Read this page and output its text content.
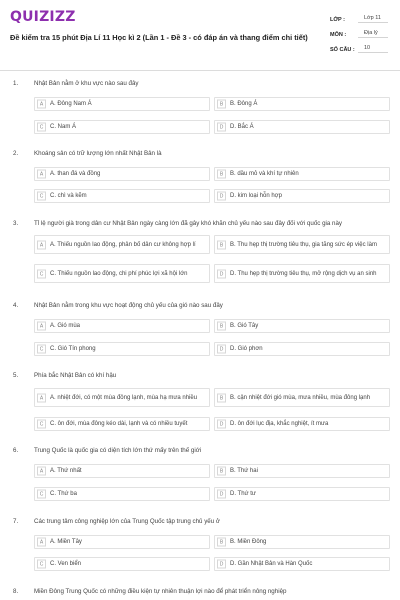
QUIZIZZ
Đề kiểm tra 15 phút Địa Lí 11 Học kì 2 (Lần 1 - Đề 3 - có đáp án và thang điểm chi tiết)
LỚP :	Lớp 11
MÔN :	Địa lý
SỐ CÂU :	10
1.	Nhật Bản nằm ở khu vực nào sau đây
A	A. Đông Nam Á	B	B. Đông Á
C	C. Nam Á	D	D. Bắc Á
2.	Khoáng sản có trữ lượng lớn nhất Nhật Bản là
A	A. than đá và đồng	B	B. dầu mỏ và khí tự nhiên
C	C. chì và kẽm	D	D. kim loại hỗn hợp
3.	Tỉ lệ người già trong dân cư Nhật Bản ngày càng lớn đã gây khó khăn chủ yếu nào sau đây đối với quốc gia này
A	A. Thiếu nguồn lao động, phân bố dân cư không hợp lí	B	B. Thu hẹp thị trường tiêu thụ, gia tăng sức ép việc làm
C	C. Thiếu nguồn lao động, chi phí phúc lợi xã hội lớn	D	D. Thu hẹp thị trường tiêu thụ, mở rộng dịch vụ an sinh
4.	Nhật Bản nằm trong khu vực hoạt động chủ yếu của gió nào sau đây
A	A. Gió mùa	B	B. Gió Tây
C	C. Gió Tín phong	D	D. Gió phơn
5.	Phía bắc Nhật Bản có khí hậu
A	A. nhiệt đới, có một mùa đông lạnh, mùa hạ mưa nhiều	B	B. cận nhiệt đới gió mùa, mưa nhiều, mùa đông lạnh
C	C. ôn đới, mùa đông kéo dài, lạnh và có nhiều tuyết	D	D. ôn đới lục địa, khắc nghiệt, ít mưa
6.	Trung Quốc là quốc gia có diện tích lớn thứ mấy trên thế giới
A	A. Thứ nhất	B	B. Thứ hai
C	C. Thứ ba	D	D. Thứ tư
7.	Các trung tâm công nghiệp lớn của Trung Quốc tập trung chủ yếu ở
A	A. Miền Tây	B	B. Miền Đông
C	C. Ven biển	D	D. Gần Nhật Bản và Hàn Quốc
8.	Miền Đông Trung Quốc có những điều kiện tự nhiên thuận lợi nào để phát triển nông nghiệp
